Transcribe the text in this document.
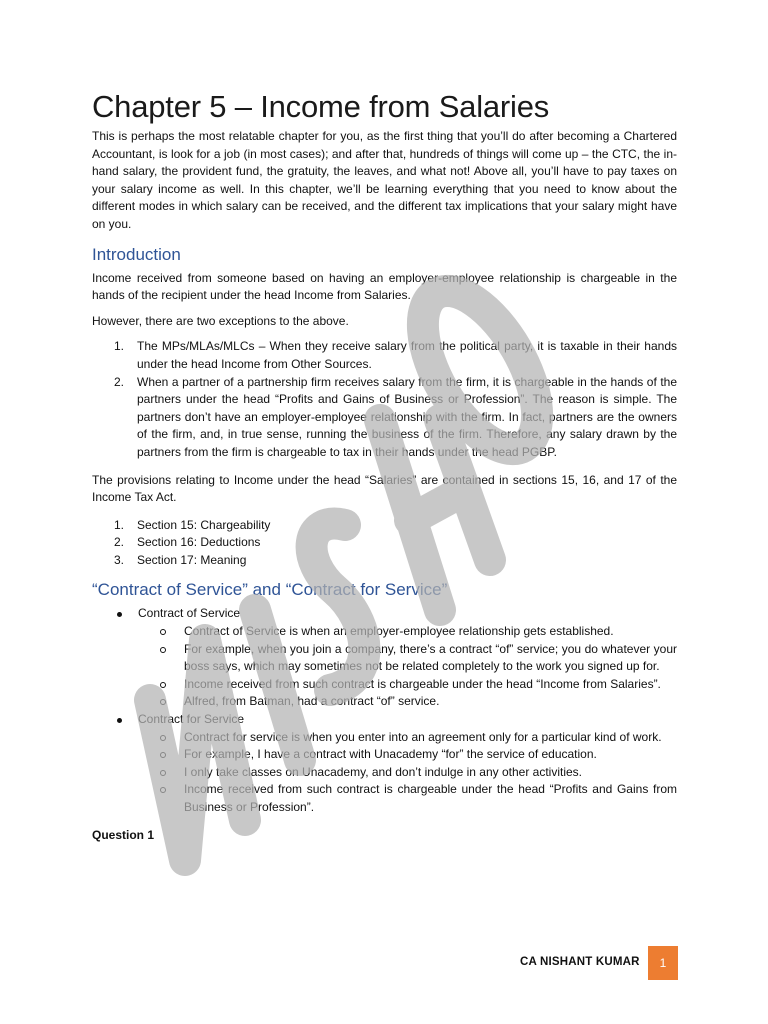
Chapter 5 – Income from Salaries

This is perhaps the most relatable chapter for you, as the first thing that you’ll do after becoming a Chartered Accountant, is look for a job (in most cases); and after that, hundreds of things will come up – the CTC, the in-hand salary, the provident fund, the gratuity, the leaves, and what not! Above all, you’ll have to pay taxes on your salary income as well. In this chapter, we’ll be learning everything that you need to know about the different modes in which salary can be received, and the different tax implications that your salary might have on you.

Introduction

Income received from someone based on having an employer-employee relationship is chargeable in the hands of the recipient under the head Income from Salaries.

However, there are two exceptions to the above.

1. The MPs/MLAs/MLCs – When they receive salary from the political party, it is taxable in their hands under the head Income from Other Sources.
2. When a partner of a partnership firm receives salary from the firm, it is chargeable in the hands of the partners under the head “Profits and Gains of Business or Profession”. The reason is simple. The partners don’t have an employer-employee relationship with the firm. In fact, partners are the owners of the firm, and, in true sense, running the business of the firm. Therefore, any salary drawn by the partners from the firm is chargeable to tax in their hands under the head PGBP.

The provisions relating to Income under the head “Salaries” are contained in sections 15, 16, and 17 of the Income Tax Act.

1. Section 15: Chargeability
2. Section 16: Deductions
3. Section 17: Meaning
“Contract of Service” and “Contract for Service”
Contract of Service
Contract of Service is when an employer-employee relationship gets established.
For example, when you join a company, there’s a contract “of” service; you do whatever your boss says, which may sometimes not be related completely to the work you signed up for.
Income received from such contract is chargeable under the head “Income from Salaries”.
Alfred, from Batman, had a contract “of” service.
Contract for Service
Contract for service is when you enter into an agreement only for a particular kind of work.
For example, I have a contract with Unacademy “for” the service of education.
I only take classes on Unacademy, and don’t indulge in any other activities.
Income received from such contract is chargeable under the head “Profits and Gains from Business or Profession”.
Question 1
CA NISHANT KUMAR	1
